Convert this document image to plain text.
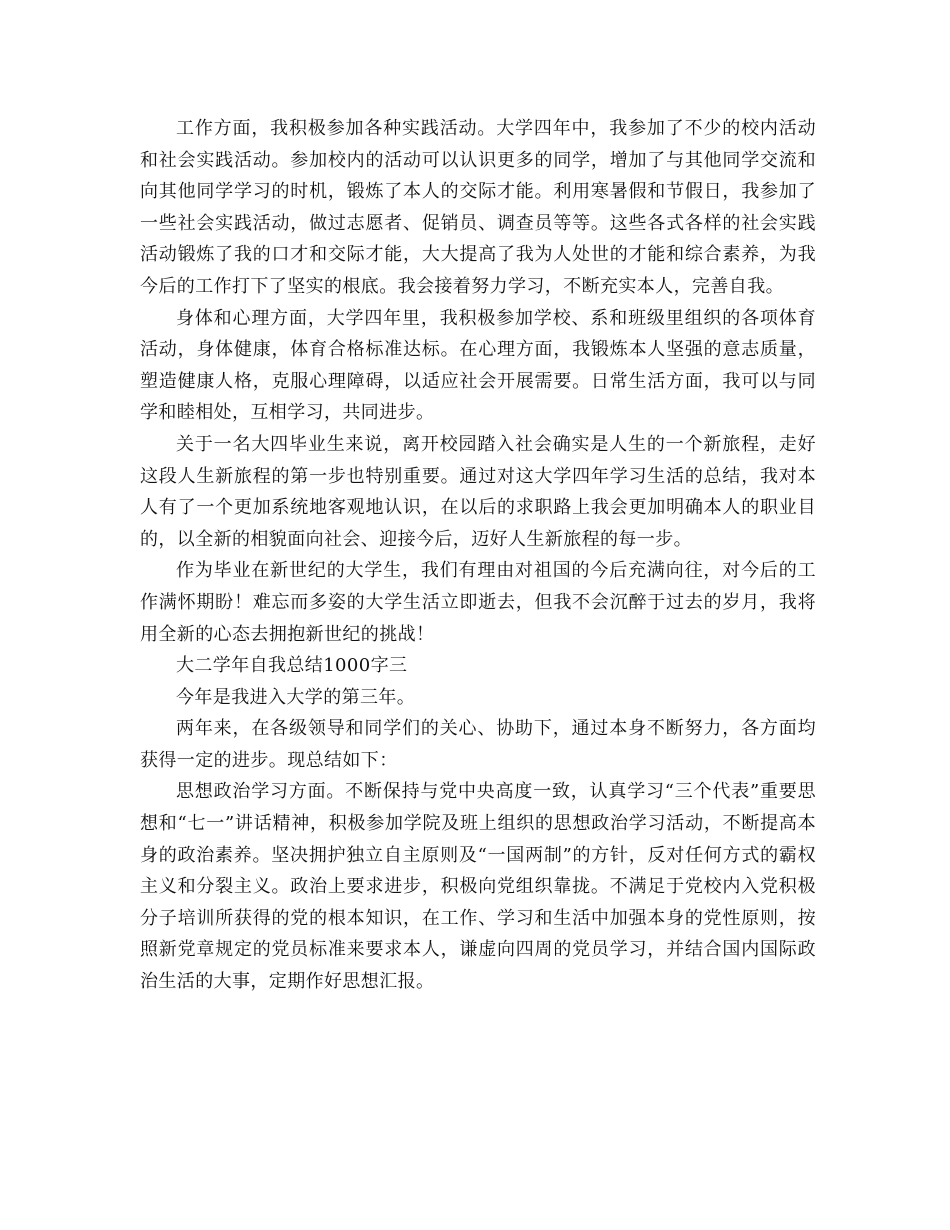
工作方面，我积极参加各种实践活动。大学四年中，我参加了不少的校内活动和社会实践活动。参加校内的活动可以认识更多的同学，增加了与其他同学交流和向其他同学学习的时机，锻炼了本人的交际才能。利用寒暑假和节假日，我参加了一些社会实践活动，做过志愿者、促销员、调查员等等。这些各式各样的社会实践活动锻炼了我的口才和交际才能，大大提高了我为人处世的才能和综合素养，为我今后的工作打下了坚实的根底。我会接着努力学习，不断充实本人，完善自我。

身体和心理方面，大学四年里，我积极参加学校、系和班级里组织的各项体育活动，身体健康，体育合格标准达标。在心理方面，我锻炼本人坚强的意志质量，塑造健康人格，克服心理障碍，以适应社会开展需要。日常生活方面，我可以与同学和睦相处，互相学习，共同进步。

关于一名大四毕业生来说，离开校园踏入社会确实是人生的一个新旅程，走好这段人生新旅程的第一步也特别重要。通过对这大学四年学习生活的总结，我对本人有了一个更加系统地客观地认识，在以后的求职路上我会更加明确本人的职业目的，以全新的相貌面向社会、迎接今后，迈好人生新旅程的每一步。

作为毕业在新世纪的大学生，我们有理由对祖国的今后充满向往，对今后的工作满怀期盼！难忘而多姿的大学生活立即逝去，但我不会沉醉于过去的岁月，我将用全新的心态去拥抱新世纪的挑战！

大二学年自我总结1000字三

今年是我进入大学的第三年。

两年来，在各级领导和同学们的关心、协助下，通过本身不断努力，各方面均获得一定的进步。现总结如下：

思想政治学习方面。不断保持与党中央高度一致，认真学习“三个代表”重要思想和“七一”讲话精神，积极参加学院及班上组织的思想政治学习活动，不断提高本身的政治素养。坚决拥护独立自主原则及“一国两制”的方针，反对任何方式的霸权主义和分裂主义。政治上要求进步，积极向党组织靠拢。不满足于党校内入党积极分子培训所获得的党的根本知识，在工作、学习和生活中加强本身的党性原则，按照新党章规定的党员标准来要求本人，谦虚向四周的党员学习，并结合国内国际政治生活的大事，定期作好思想汇报。
